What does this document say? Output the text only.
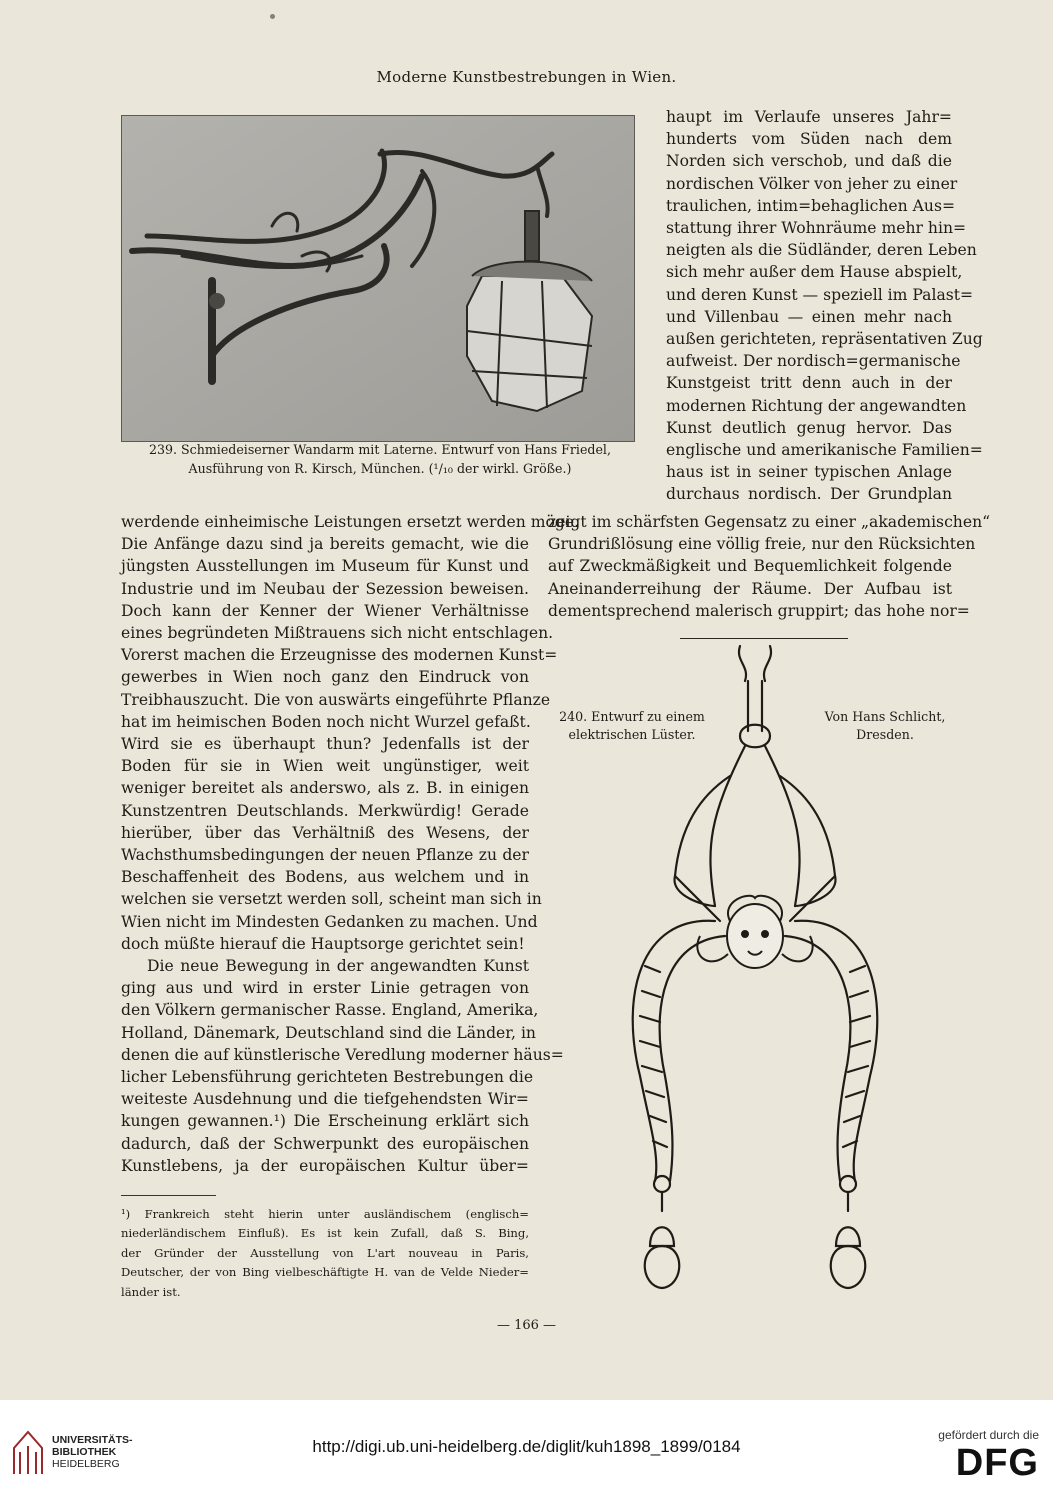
Moderne Kunstbestrebungen in Wien.
239. Schmiedeiserner Wandarm mit Laterne. Entwurf von Hans Friedel,
Ausführung von R. Kirsch, München. (¹/₁₀ der wirkl. Größe.)
haupt im Verlaufe unseres Jahr=
hunderts vom Süden nach dem
Norden sich verschob, und daß die
nordischen Völker von jeher zu einer
traulichen, intim=behaglichen Aus=
stattung ihrer Wohnräume mehr hin=
neigten als die Südländer, deren Leben
sich mehr außer dem Hause abspielt,
und deren Kunst — speziell im Palast=
und Villenbau — einen mehr nach
außen gerichteten, repräsentativen Zug
aufweist. Der nordisch=germanische
Kunstgeist tritt denn auch in der
modernen Richtung der angewandten
Kunst deutlich genug hervor. Das
englische und amerikanische Familien=
haus ist in seiner typischen Anlage
durchaus nordisch. Der Grundplan
werdende einheimische Leistungen ersetzt werden möge.
Die Anfänge dazu sind ja bereits gemacht, wie die
jüngsten Ausstellungen im Museum für Kunst und
Industrie und im Neubau der Sezession beweisen.
Doch kann der Kenner der Wiener Verhältnisse
eines begründeten Mißtrauens sich nicht entschlagen.
Vorerst machen die Erzeugnisse des modernen Kunst=
gewerbes in Wien noch ganz den Eindruck von
Treibhauszucht. Die von auswärts eingeführte Pflanze
hat im heimischen Boden noch nicht Wurzel gefaßt.
Wird sie es überhaupt thun? Jedenfalls ist der
Boden für sie in Wien weit ungünstiger, weit
weniger bereitet als anderswo, als z. B. in einigen
Kunstzentren Deutschlands. Merkwürdig! Gerade
hierüber, über das Verhältniß des Wesens, der
Wachsthumsbedingungen der neuen Pflanze zu der
Beschaffenheit des Bodens, aus welchem und in
welchen sie versetzt werden soll, scheint man sich in
Wien nicht im Mindesten Gedanken zu machen. Und
doch müßte hierauf die Hauptsorge gerichtet sein!
Die neue Bewegung in der angewandten Kunst
ging aus und wird in erster Linie getragen von
den Völkern germanischer Rasse. England, Amerika,
Holland, Dänemark, Deutschland sind die Länder, in
denen die auf künstlerische Veredlung moderner häus=
licher Lebensführung gerichteten Bestrebungen die
weiteste Ausdehnung und die tiefgehendsten Wir=
kungen gewannen.¹) Die Erscheinung erklärt sich
dadurch, daß der Schwerpunkt des europäischen
Kunstlebens, ja der europäischen Kultur über=
zeigt im schärfsten Gegensatz zu einer „akademischen“
Grundrißlösung eine völlig freie, nur den Rücksichten
auf Zweckmäßigkeit und Bequemlichkeit folgende
Aneinanderreihung der Räume. Der Aufbau ist
dementsprechend malerisch gruppirt; das hohe nor=
240. Entwurf zu einem
elektrischen Lüster.
Von Hans Schlicht,
Dresden.
¹) Frankreich steht hierin unter ausländischem (englisch=
niederländischem Einfluß). Es ist kein Zufall, daß S. Bing,
der Gründer der Ausstellung von L'art nouveau in Paris,
Deutscher, der von Bing vielbeschäftigte H. van de Velde Nieder=
länder ist.
— 166 —
UNIVERSITÄTS-
BIBLIOTHEK
HEIDELBERG
gefördert durch die
DFG
http://digi.ub.uni-heidelberg.de/diglit/kuh1898_1899/0184
